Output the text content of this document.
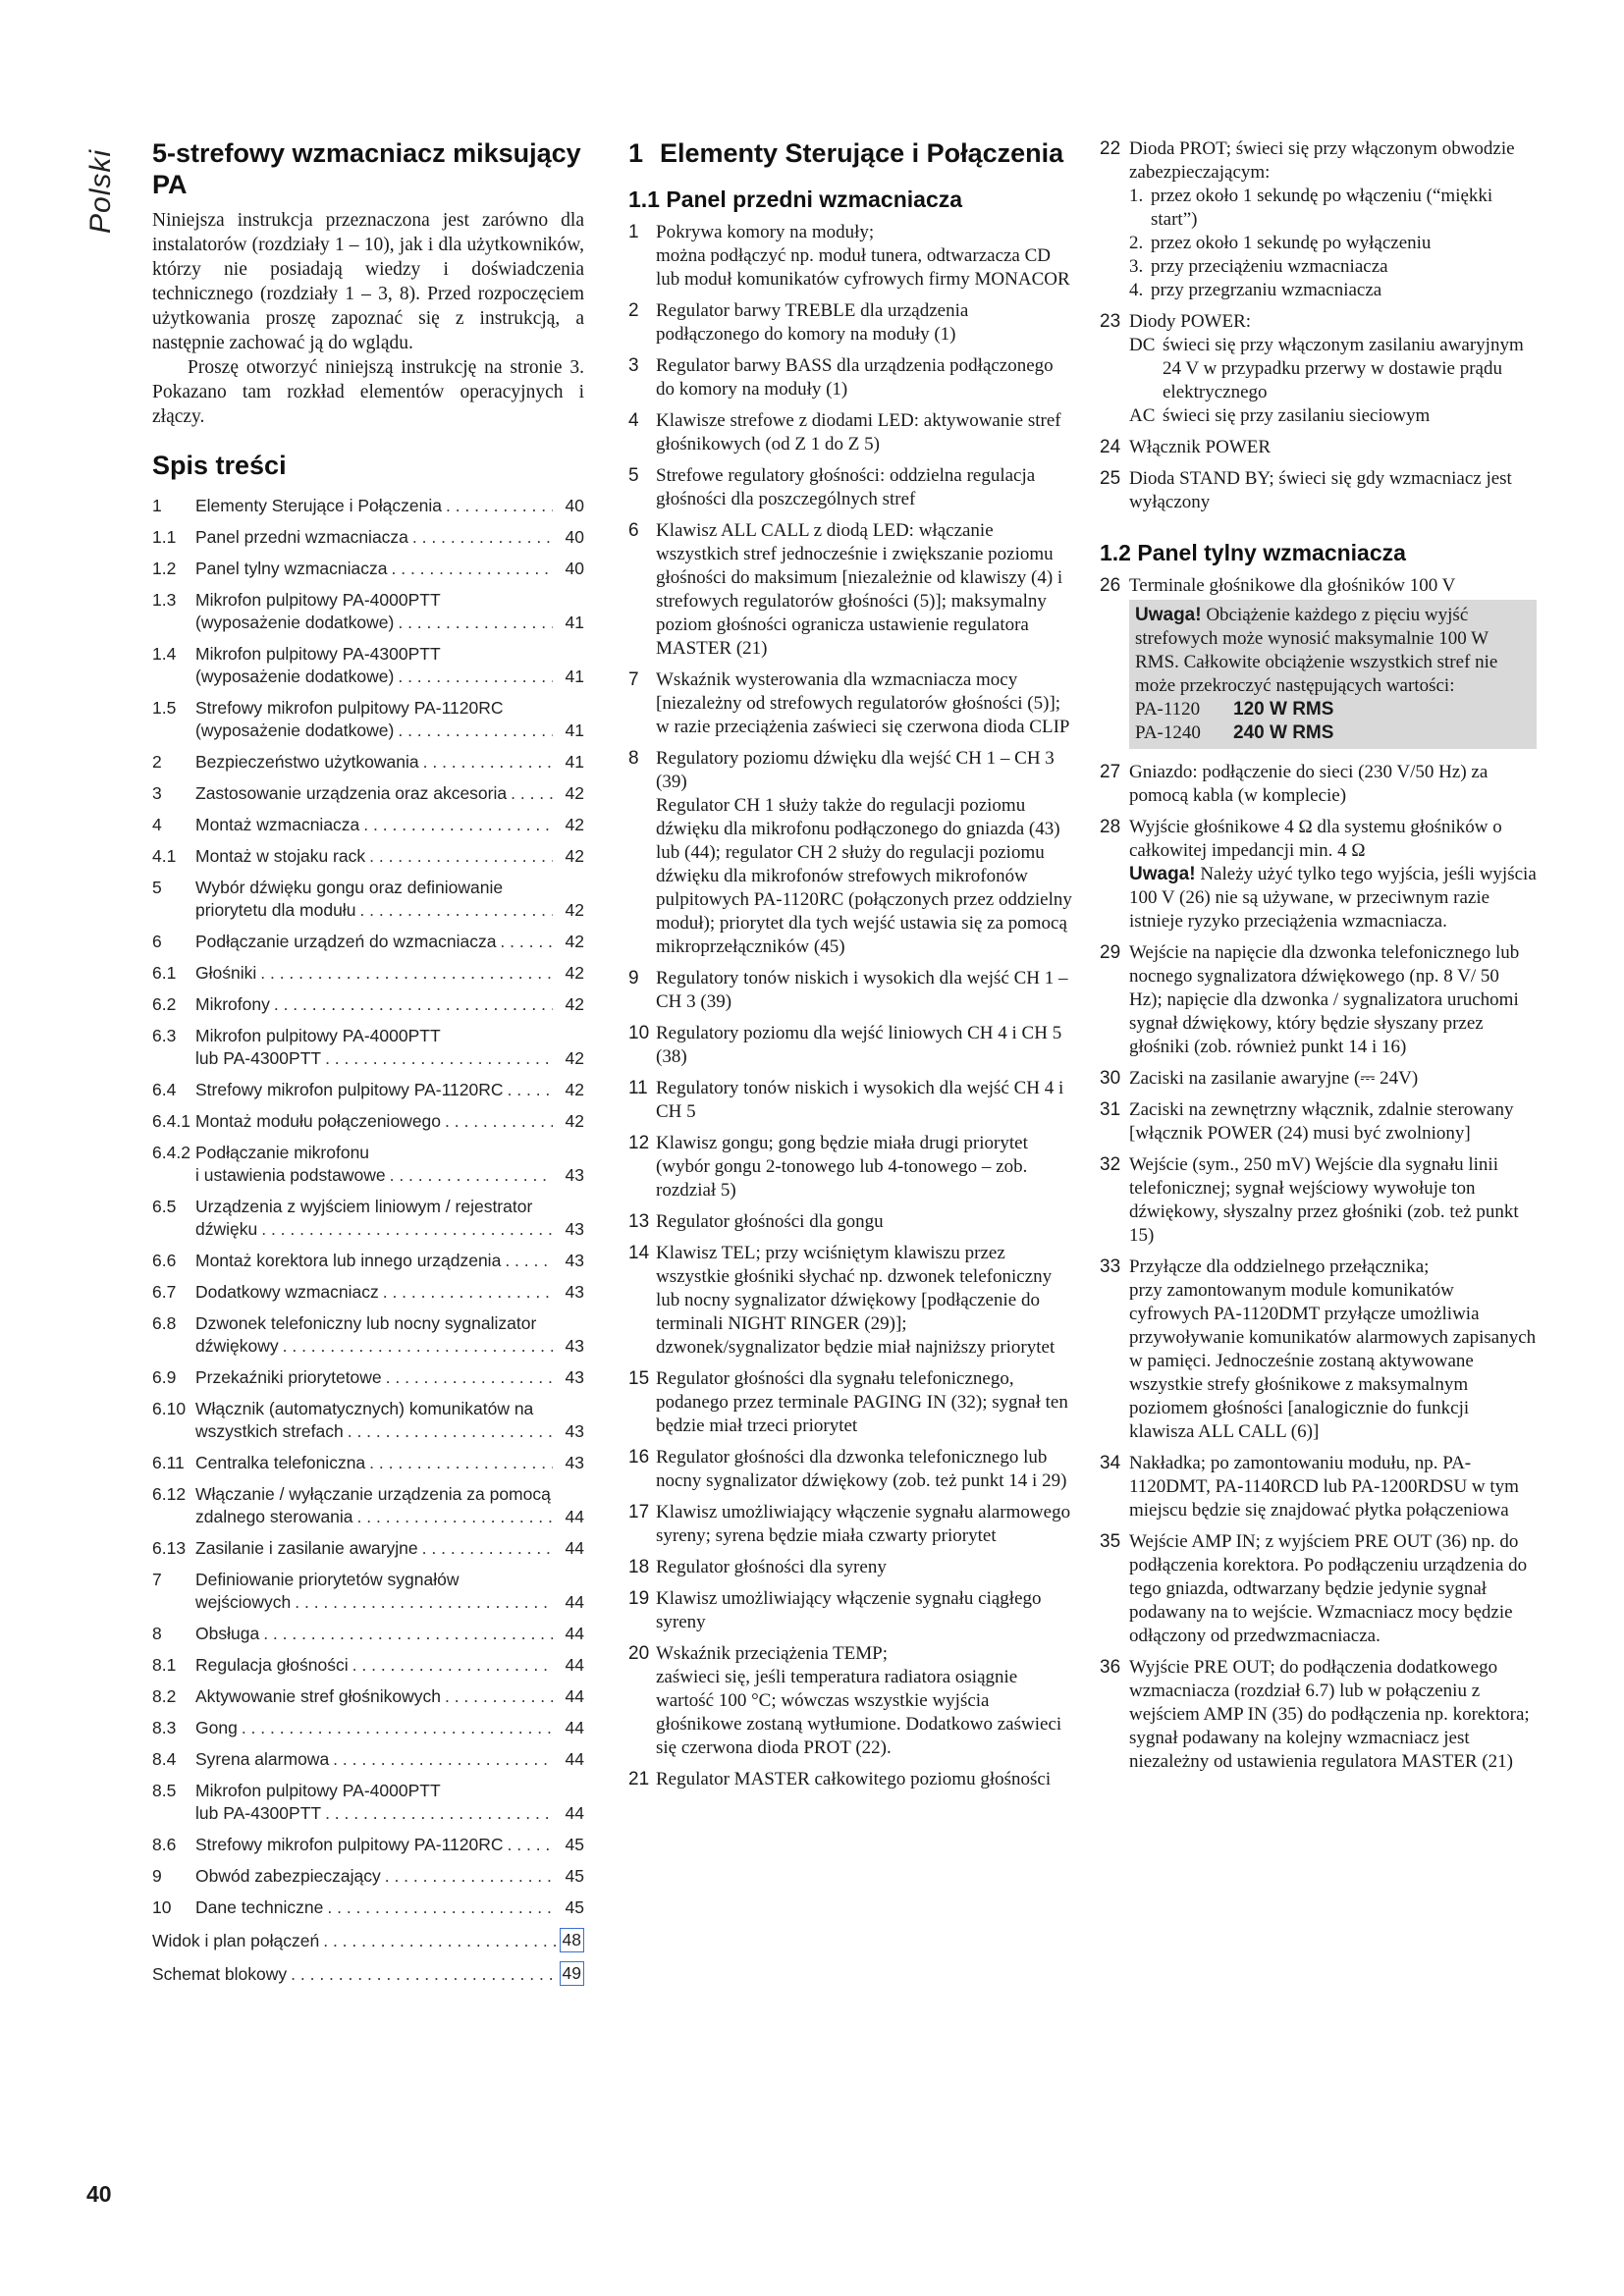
Polski 5-strefowy wzmacniacz miksujący PA

Niniejsza instrukcja przeznaczona jest zarówno dla instalatorów (rozdziały 1 – 10), jak i dla użytkowników, którzy nie posiadają wiedzy i doświadczenia technicznego (rozdziały 1 – 3, 8). Przed rozpoczęciem użytkowania proszę zapoznać się z instrukcją, a następnie zachować ją do wglądu.

Proszę otworzyć niniejszą instrukcję na stronie 3. Pokazano tam rozkład elementów operacyjnych i złączy.

Spis treści
1	Elementy Sterujące i Połączenia . . .	40
1.1	Panel przedni wzmacniacza . . .	40
1.2	Panel tylny wzmacniacza . . .	40
1.3	Mikrofon pulpitowy PA-4000PTT
(wyposażenie dodatkowe) . . .	41
1.4	Mikrofon pulpitowy PA-4300PTT
(wyposażenie dodatkowe) . . .	41
1.5	Strefowy mikrofon pulpitowy PA-1120RC
(wyposażenie dodatkowe) . . .	41
2	Bezpieczeństwo użytkowania . . .	41
3	Zastosowanie urządzenia oraz akcesoria . . .	42
4	Montaż wzmacniacza . . .	42
4.1	Montaż w stojaku rack . . .	42
5	Wybór dźwięku gongu oraz definiowanie
priorytetu dla modułu . . .	42
6	Podłączanie urządzeń do wzmacniacza . . .	42
6.1	Głośniki . . .	42
6.2	Mikrofony . . .	42
6.3	Mikrofon pulpitowy PA-4000PTT
lub PA-4300PTT . . .	42
6.4	Strefowy mikrofon pulpitowy PA-1120RC . . .	42
6.4.1 Montaż modułu połączeniowego . . .	42
6.4.2 Podłączanie mikrofonu
i ustawienia podstawowe . . .	43
6.5	Urządzenia z wyjściem liniowym / rejestrator
dźwięku . . .	43
6.6	Montaż korektora lub innego urządzenia . . .	43
6.7	Dodatkowy wzmacniacz . . .	43
6.8	Dzwonek telefoniczny lub nocny sygnalizator
dźwiękowy . . .	43
6.9	Przekaźniki priorytetowe . . .	43
6.10 Włącznik (automatycznych) komunikatów na
wszystkich strefach . . .	43
6.11 Centralka telefoniczna . . .	43
6.12 Włączanie / wyłączanie urządzenia za pomocą
zdalnego sterowania . . .	44
6.13 Zasilanie i zasilanie awaryjne . . .	44
7	Definiowanie priorytetów sygnałów
wejściowych . . .	44
8	Obsługa . . .	44
8.1	Regulacja głośności . . .	44
8.2	Aktywowanie stref głośnikowych . . .	44
8.3	Gong . . .	44
8.4	Syrena alarmowa . . .	44
8.5	Mikrofon pulpitowy PA-4000PTT
lub PA-4300PTT . . .	44
8.6	Strefowy mikrofon pulpitowy PA-1120RC . . .	45
9	Obwód zabezpieczający . . .	45
10	Dane techniczne . . .	45
Widok i plan połączeń . . .	48
Schemat blokowy . . .	49
1 Elementy Sterujące i Połączenia
1.1 Panel przedni wzmacniacza
1 Pokrywa komory na moduły;

można podłączyć np. moduł tunera, odtwarzacza CD lub moduł komunikatów cyfrowych firmy MONACOR

2 Regulator barwy TREBLE dla urządzenia podłączonego do komory na moduły (1)

3 Regulator barwy BASS dla urządzenia podłączonego do komory na moduły (1)

4 Klawisze strefowe z diodami LED: aktywowanie stref głośnikowych (od Z 1 do Z 5)

5 Strefowe regulatory głośności: oddzielna regulacja głośności dla poszczególnych stref

6 Klawisz ALL CALL z diodą LED: włączanie wszystkich stref jednocześnie i zwiększanie poziomu głośności do maksimum [niezależnie od klawiszy (4) i strefowych regulatorów głośności (5)]; maksymalny poziom głośności ogranicza ustawienie regulatora MASTER (21)

7 Wskaźnik wysterowania dla wzmacniacza mocy [niezależny od strefowych regulatorów głośności (5)];

w razie przeciążenia zaświeci się czerwona dioda CLIP

8 Regulatory poziomu dźwięku dla wejść CH 1 – CH 3 (39)

Regulator CH 1 służy także do regulacji poziomu dźwięku dla mikrofonu podłączonego do gniazda (43) lub (44); regulator CH 2 służy do regulacji poziomu dźwięku dla mikrofonów strefowych mikrofonów pulpitowych PA-1120RC (połączonych przez oddzielny moduł); priorytet dla tych wejść ustawia się za pomocą mikroprzełączników (45)

9 Regulatory tonów niskich i wysokich dla wejść CH 1 – CH 3 (39)

10 Regulatory poziomu dla wejść liniowych CH 4 i CH 5 (38)

11 Regulatory tonów niskich i wysokich dla wejść CH 4 i CH 5

12 Klawisz gongu; gong będzie miała drugi priorytet (wybór gongu 2-tonowego lub 4-tonowego – zob. rozdział 5)

13 Regulator głośności dla gongu

14 Klawisz TEL; przy wciśniętym klawiszu przez wszystkie głośniki słychać np. dzwonek telefoniczny lub nocny sygnalizator dźwiękowy [podłączenie do terminali NIGHT RINGER (29)]; dzwonek/sygnalizator będzie miał najniższy priorytet

15 Regulator głośności dla sygnału telefonicznego, podanego przez terminale PAGING IN (32); sygnał ten będzie miał trzeci priorytet

16 Regulator głośności dla dzwonka telefonicznego lub nocny sygnalizator dźwiękowy (zob. też punkt 14 i 29)

17 Klawisz umożliwiający włączenie sygnału alarmowego syreny; syrena będzie miała czwarty priorytet

18 Regulator głośności dla syreny

19 Klawisz umożliwiający włączenie sygnału ciągłego syreny

20 Wskaźnik przeciążenia TEMP;

zaświeci się, jeśli temperatura radiatora osiągnie wartość 100 °C; wówczas wszystkie wyjścia głośnikowe zostaną wytłumione. Dodatkowo zaświeci się czerwona dioda PROT (22).

21 Regulator MASTER całkowitego poziomu głośności

22 Dioda PROT; świeci się przy włączonym obwodzie zabezpieczającym:

1. przez około 1 sekundę po włączeniu (“miękki start”)
2. przez około 1 sekundę po wyłączeniu
3. przy przeciążeniu wzmacniacza
4. przy przegrzaniu wzmacniacza
23 Diody POWER:

DC świeci się przy włączonym zasilaniu awaryjnym 24 V w przypadku przerwy w dostawie prądu elektrycznego
AC świeci się przy zasilaniu sieciowym
24 Włącznik POWER
25 Dioda STAND BY; świeci się gdy wzmacniacz jest wyłączony
1.2 Panel tylny wzmacniacza
26 Terminale głośnikowe dla głośników 100 V

Uwaga! Obciążenie każdego z pięciu wyjść strefowych może wynosić maksymalnie 100 W RMS. Całkowite obciążenie wszystkich stref nie może przekroczyć następujących wartości:
PA-1120	120 W RMS
PA-1240	240 W RMS
27 Gniazdo: podłączenie do sieci (230 V/50 Hz) za pomocą kabla (w komplecie)
28 Wyjście głośnikowe 4 Ω dla systemu głośników o całkowitej impedancji min. 4 Ω

Uwaga! Należy użyć tylko tego wyjścia, jeśli wyjścia 100 V (26) nie są używane, w przeciwnym razie istnieje ryzyko przeciążenia wzmacniacza.

29 Wejście na napięcie dla dzwonka telefonicznego lub nocnego sygnalizatora dźwiękowego (np. 8 V/ 50 Hz); napięcie dla dzwonka / sygnalizatora uruchomi sygnał dźwiękowy, który będzie słyszany przez głośniki (zob. również punkt 14 i 16)

30 Zaciski na zasilanie awaryjne (⎓ 24V)

31 Zaciski na zewnętrzny włącznik, zdalnie sterowany [włącznik POWER (24) musi być zwolniony]

32 Wejście (sym., 250 mV) Wejście dla sygnału linii telefonicznej; sygnał wejściowy wywołuje ton dźwiękowy, słyszalny przez głośniki (zob. też punkt 15)

33 Przyłącze dla oddzielnego przełącznika;

przy zamontowanym module komunikatów cyfrowych PA-1120DMT przyłącze umożliwia przywoływanie komunikatów alarmowych zapisanych w pamięci. Jednocześnie zostaną aktywowane wszystkie strefy głośnikowe z maksymalnym poziomem głośności [analogicznie do funkcji klawisza ALL CALL (6)]

34 Nakładka; po zamontowaniu modułu, np. PA-1120DMT, PA-1140RCD lub PA-1200RDSU w tym miejscu będzie się znajdować płytka połączeniowa

35 Wejście AMP IN; z wyjściem PRE OUT (36) np. do podłączenia korektora. Po podłączeniu urządzenia do tego gniazda, odtwarzany będzie jedynie sygnał podawany na to wejście. Wzmacniacz mocy będzie odłączony od przedwzmacniacza.

36 Wyjście PRE OUT; do podłączenia dodatkowego wzmacniacza (rozdział 6.7) lub w połączeniu z wejściem AMP IN (35) do podłączenia np. korektora;

sygnał podawany na kolejny wzmacniacz jest niezależny od ustawienia regulatora MASTER (21)

40
